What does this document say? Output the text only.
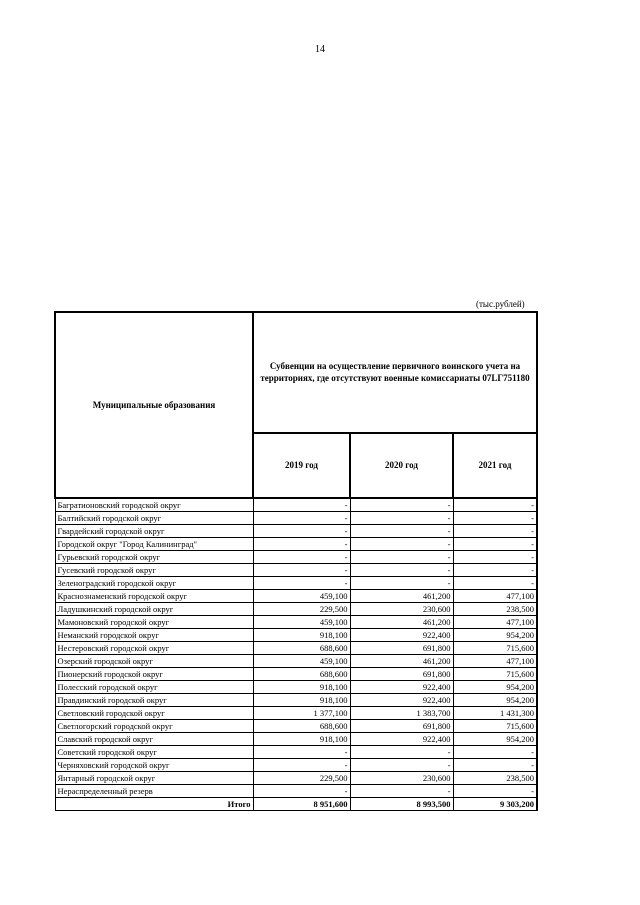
14
(тыс.рублей)
Муниципальные образования	Субвенции на осуществление первичного воинского учета на территориях, где отсутствуют военные комиссариаты 07LГ751180		
	2019 год	2020 год	2021 год
Багратионовский городской округ	-	-	-
Балтийский городской округ	-	-	-
Гвардейский городской округ	-	-	-
Городской округ "Город Калининград"	-	-	-
Гурьевский городской округ	-	-	-
Гусевский городской округ	-	-	-
Зеленоградский городской округ	-	-	-
Краснознаменский городской округ	459,100	461,200	477,100
Ладушкинский городской округ	229,500	230,600	238,500
Мамоновский городской округ	459,100	461,200	477,100
Неманский городской округ	918,100	922,400	954,200
Нестеровский городской округ	688,600	691,800	715,600
Озерский городской округ	459,100	461,200	477,100
Пионерский городской округ	688,600	691,800	715,600
Полесский городской округ	918,100	922,400	954,200
Правдинский городской округ	918,100	922,400	954,200
Светловский городской округ	1 377,100	1 383,700	1 431,300
Светлогорский городской округ	688,600	691,800	715,600
Славский городской округ	918,100	922,400	954,200
Советский городской округ	-	-	-
Черняховский городской округ	-	-	-
Янтарный городской округ	229,500	230,600	238,500
Нераспределенный резерв	-	-	-
Итого	8 951,600	8 993,500	9 303,200
